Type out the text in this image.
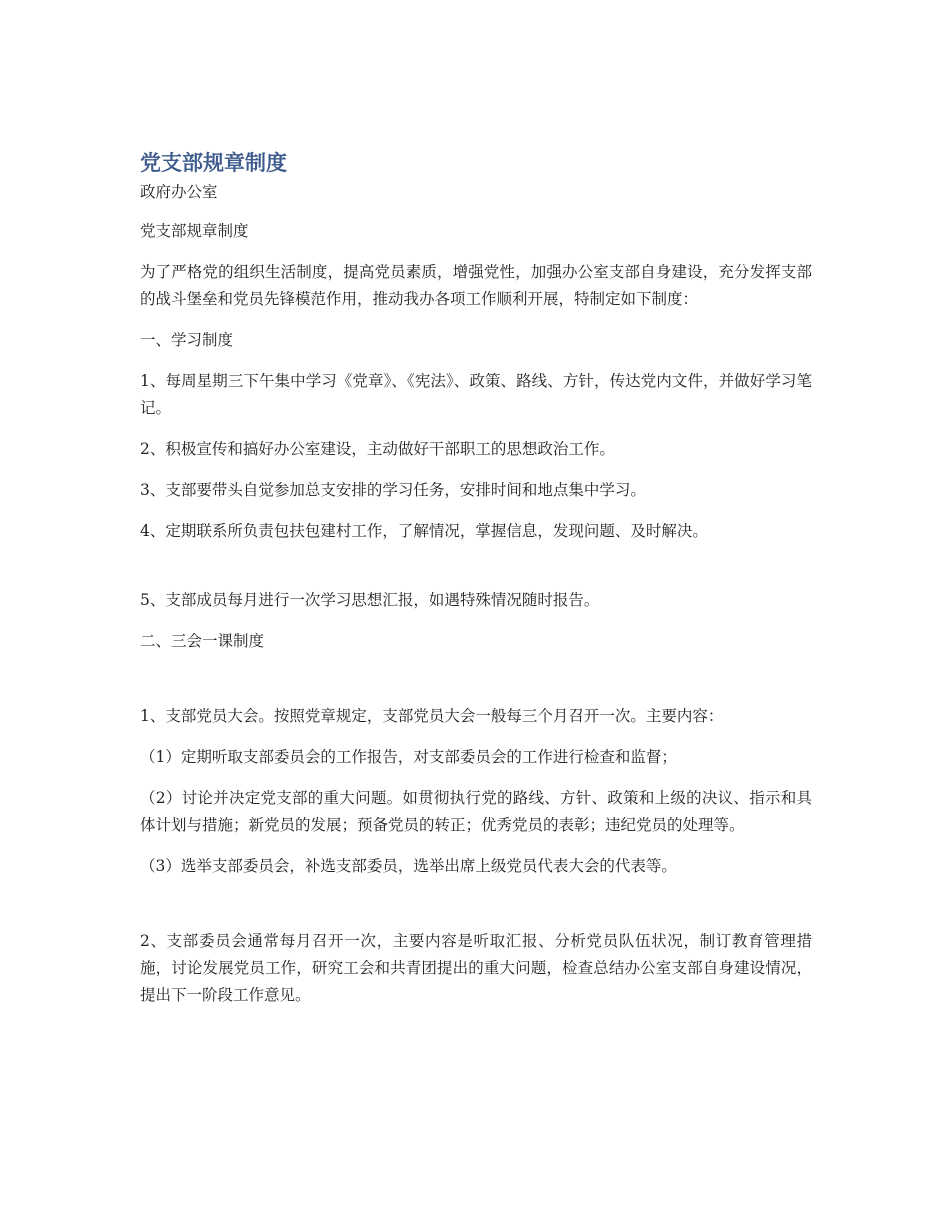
党支部规章制度
政府办公室

党支部规章制度

为了严格党的组织生活制度，提高党员素质，增强党性，加强办公室支部自身建设，充分发挥支部的战斗堡垒和党员先锋模范作用，推动我办各项工作顺利开展，特制定如下制度：

一、学习制度

1、每周星期三下午集中学习《党章》、《宪法》、政策、路线、方针，传达党内文件，并做好学习笔记。

2、积极宣传和搞好办公室建设，主动做好干部职工的思想政治工作。

3、支部要带头自觉参加总支安排的学习任务，安排时间和地点集中学习。

4、定期联系所负责包扶包建村工作，了解情况，掌握信息，发现问题、及时解决。

5、支部成员每月进行一次学习思想汇报，如遇特殊情况随时报告。

二、三会一课制度

1、支部党员大会。按照党章规定，支部党员大会一般每三个月召开一次。主要内容：

（1）定期听取支部委员会的工作报告，对支部委员会的工作进行检查和监督；

（2）讨论并决定党支部的重大问题。如贯彻执行党的路线、方针、政策和上级的决议、指示和具体计划与措施；新党员的发展；预备党员的转正；优秀党员的表彰；违纪党员的处理等。

（3）选举支部委员会，补选支部委员，选举出席上级党员代表大会的代表等。

2、支部委员会通常每月召开一次，主要内容是听取汇报、分析党员队伍状况，制订教育管理措施，讨论发展党员工作，研究工会和共青团提出的重大问题，检查总结办公室支部自身建设情况，提出下一阶段工作意见。
